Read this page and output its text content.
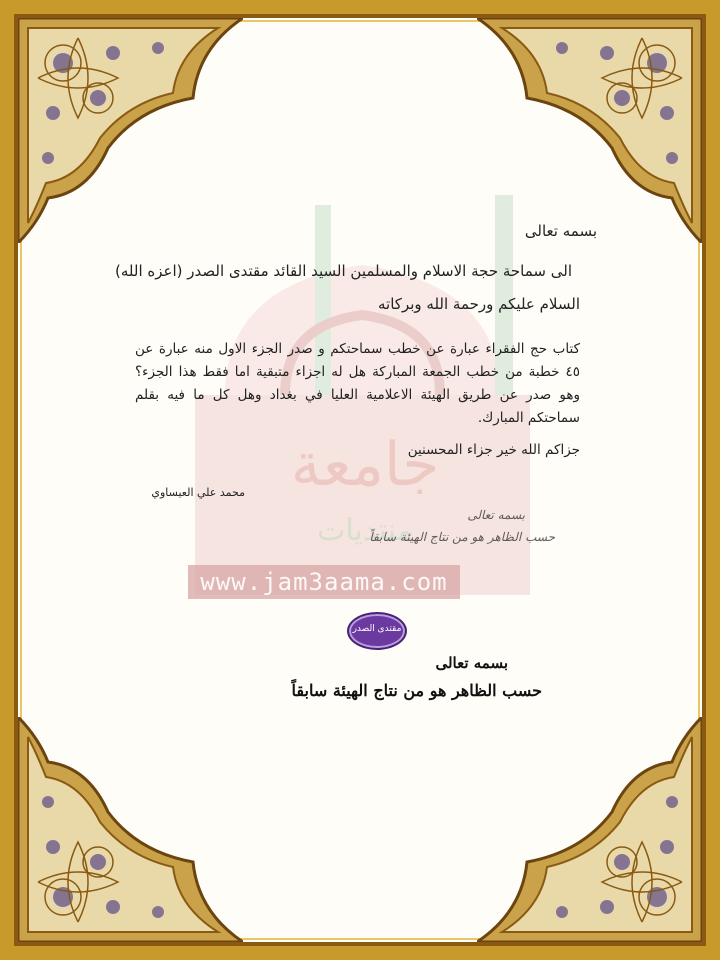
جامعة
منتديات
www.jam3aama.com
بسمه تعالى
الى سماحة حجة الاسلام والمسلمين السيد القائد مقتدى الصدر (اعزه الله)
السلام عليكم ورحمة الله وبركاته
كتاب حج الفقراء عبارة عن خطب سماحتكم و صدر الجزء الاول منه عبارة عن ٤٥ خطبة من خطب الجمعة المباركة هل له اجزاء متبقية اما فقط هذا الجزء؟ وهو صدر عن طريق الهيئة الاعلامية العليا في بغداد وهل كل ما فيه بقلم سماحتكم المبارك.
جزاكم الله خير جزاء المحسنين
محمد علي العيساوي
بسمه تعالى
حسب الظاهر هو من نتاج الهيئة سابقاً
مقتدى الصدر
بسمه تعالى
حسب الظاهر هو من نتاج الهيئة سابقاً
